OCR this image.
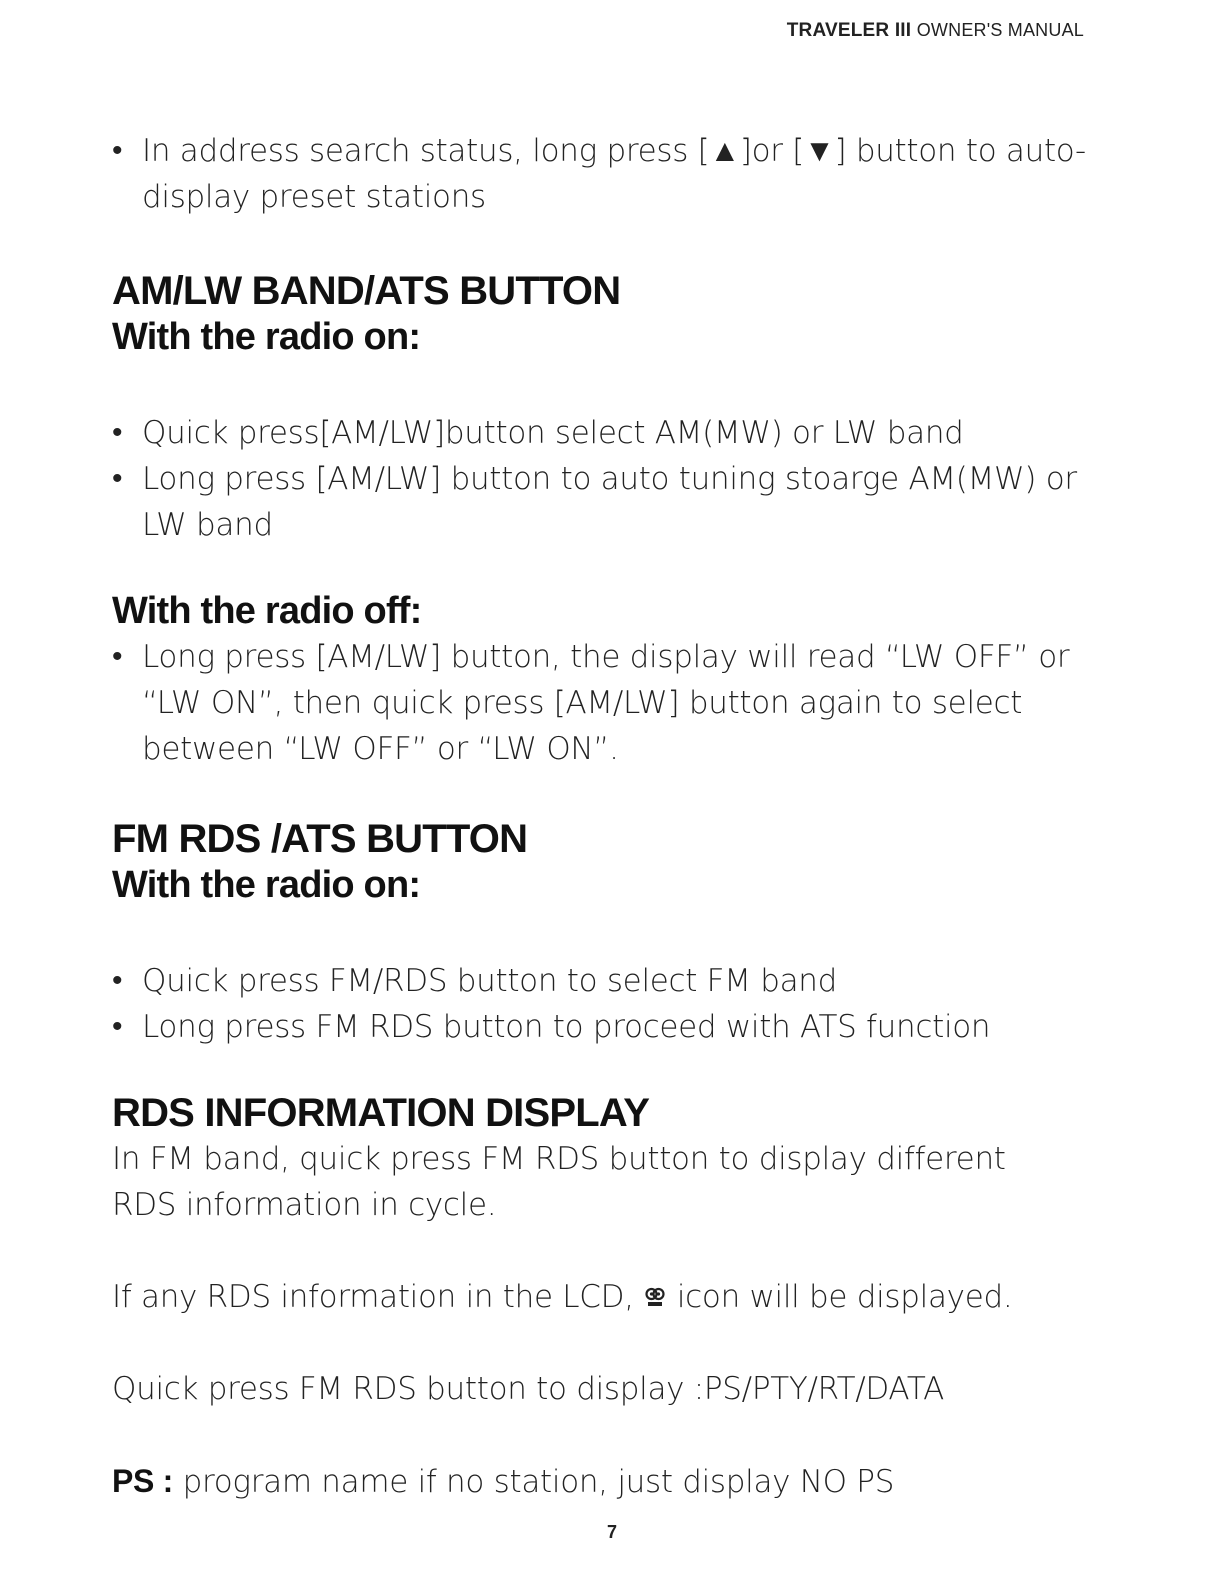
TRAVELER III OWNER'S MANUAL
• In address search status, long press [▲]or [▼] button to auto-display preset stations
AM/LW BAND/ATS BUTTON
With the radio on:
• Quick press[AM/LW]button select AM(MW) or LW band
• Long press [AM/LW] button to auto tuning stoarge AM(MW) or LW band
With the radio off:
• Long press [AM/LW] button, the display will read “LW OFF” or “LW ON”, then quick press [AM/LW] button again to select between “LW OFF” or “LW ON”.
FM RDS /ATS BUTTON
With the radio on:
• Quick press FM/RDS button to select FM band
• Long press FM RDS button to proceed with ATS function
RDS INFORMATION DISPLAY
In FM band, quick press FM RDS button to display different RDS information in cycle.
If any RDS information in the LCD,  icon will be displayed.
Quick press FM RDS button to display :PS/PTY/RT/DATA
PS : program name if no station, just display NO PS
7
